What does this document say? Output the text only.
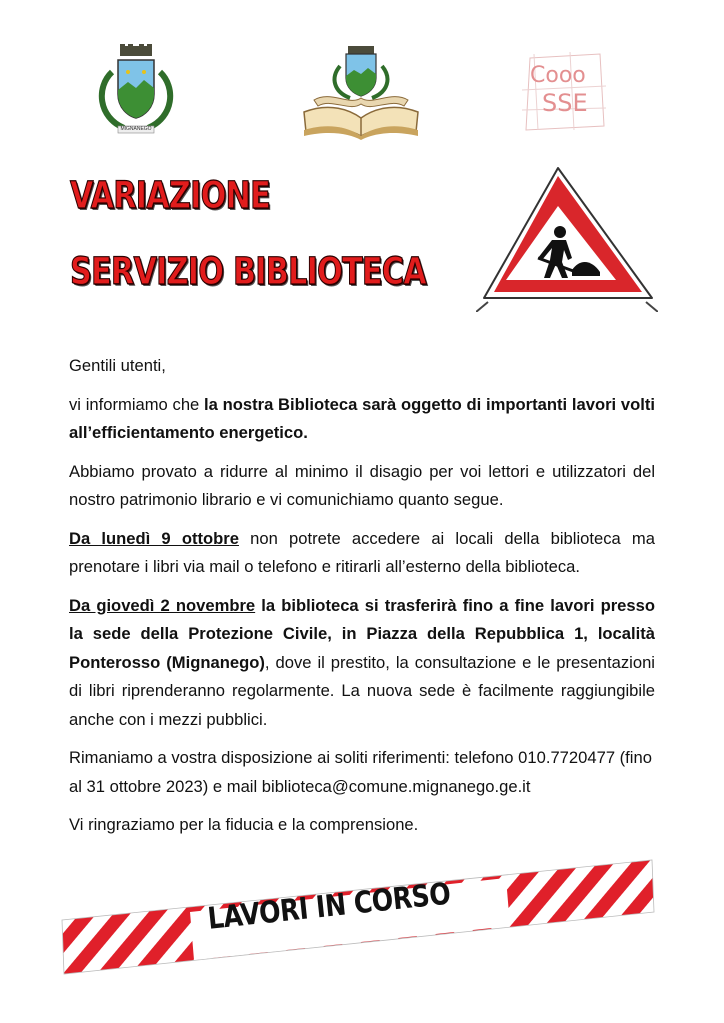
MIGNANEGO
Cooo
SSE
VARIAZIONE
SERVIZIO BIBLIOTECA

Gentili utenti,

vi informiamo che la nostra Biblioteca sarà oggetto di importanti lavori volti all’efficientamento energetico.

Abbiamo provato a ridurre al minimo il disagio per voi lettori e utilizzatori del nostro patrimonio librario e vi comunichiamo quanto segue.

Da lunedì 9 ottobre non potrete accedere ai locali della biblioteca ma prenotare i libri via mail o telefono e ritirarli all’esterno della biblioteca.

Da giovedì 2 novembre la biblioteca si trasferirà fino a fine lavori presso la sede della Protezione Civile, in Piazza della Repubblica 1, località Ponterosso (Mignanego), dove il prestito, la consultazione e le presentazioni di libri riprenderanno regolarmente. La nuova sede è facilmente raggiungibile anche con i mezzi pubblici.

Rimaniamo a vostra disposizione ai soliti riferimenti: telefono 010.7720477 (fino al 31 ottobre 2023) e mail biblioteca@comune.mignanego.ge.it

Vi ringraziamo per la fiducia e la comprensione.

LAVORI IN CORSO
